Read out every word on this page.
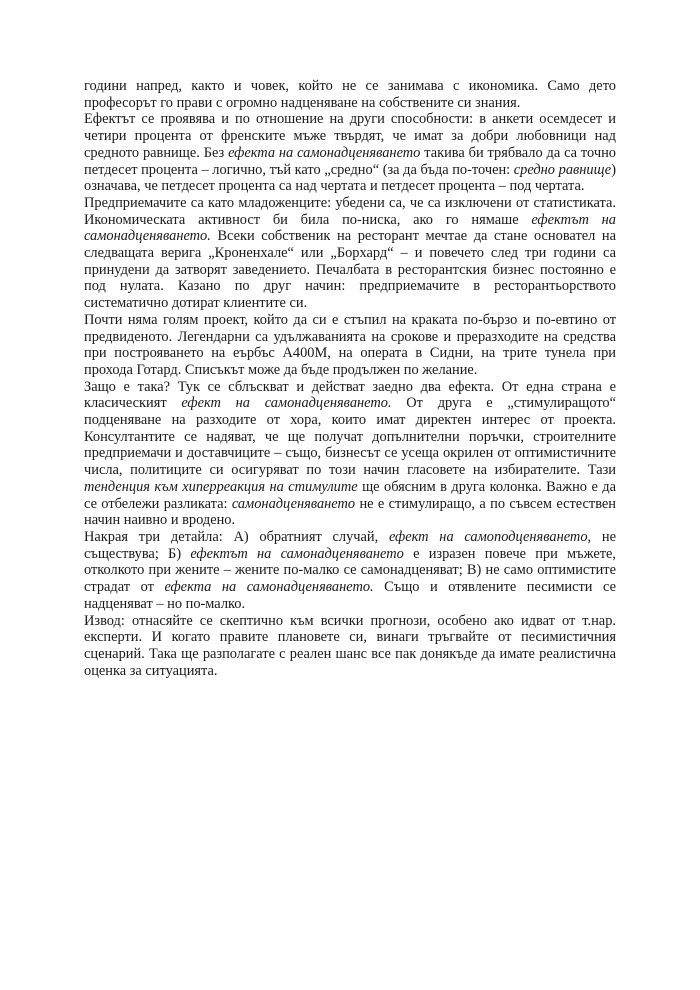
години напред, както и човек, който не се занимава с икономика. Само дето професорът го прави с огромно надценяване на собствените си знания.

Ефектът се проявява и по отношение на други способности: в анкети осемдесет и четири процента от френските мъже твърдят, че имат за добри любовници над средното равнище. Без ефекта на самонадценяването такива би трябвало да са точно петдесет процента – логично, тъй като „средно“ (за да бъда по-точен: средно равнище) означава, че петдесет процента са над чертата и петдесет процента – под чертата.

Предприемачите са като младоженците: убедени са, че са изключени от статистиката. Икономическата активност би била по-ниска, ако го нямаше ефектът на самонадценяването. Всеки собственик на ресторант мечтае да стане основател на следващата верига „Кроненхале“ или „Борхард“ – и повечето след три години са принудени да затворят заведението. Печалбата в ресторантския бизнес постоянно е под нулата. Казано по друг начин: предприемачите в ресторантьорството систематично дотират клиентите си.

Почти няма голям проект, който да си е стъпил на краката по-бързо и по-евтино от предвиденото. Легендарни са удължаванията на срокове и преразходите на средства при построяването на еърбъс А400М, на операта в Сидни, на трите тунела при прохода Готард. Списъкът може да бъде продължен по желание.

Защо е така? Тук се сблъскват и действат заедно два ефекта. От една страна е класическият ефект на самонадценяването. От друга е „стимулиращото“ подценяване на разходите от хора, които имат директен интерес от проекта. Консултантите се надяват, че ще получат допълнителни поръчки, строителните предприемачи и доставчиците – също, бизнесът се усеща окрилен от оптимистичните числа, политиците си осигуряват по този начин гласовете на избирателите. Тази тенденция към хиперреакция на стимулите ще обясним в друга колонка. Важно е да се отбележи разликата: самонадценяването не е стимулиращо, а по съвсем естествен начин наивно и вродено.

Накрая три детайла: А) обратният случай, ефект на самоподценяването, не съществува; Б) ефектът на самонадценяването е изразен повече при мъжете, отколкото при жените – жените по-малко се самонадценяват; В) не само оптимистите страдат от ефекта на самонадценяването. Също и отявлените песимисти се надценяват – но по-малко.

Извод: отнасяйте се скептично към всички прогнози, особено ако идват от т.нар. експерти. И когато правите плановете си, винаги тръгвайте от песимистичния сценарий. Така ще разполагате с реален шанс все пак донякъде да имате реалистична оценка за ситуацията.
